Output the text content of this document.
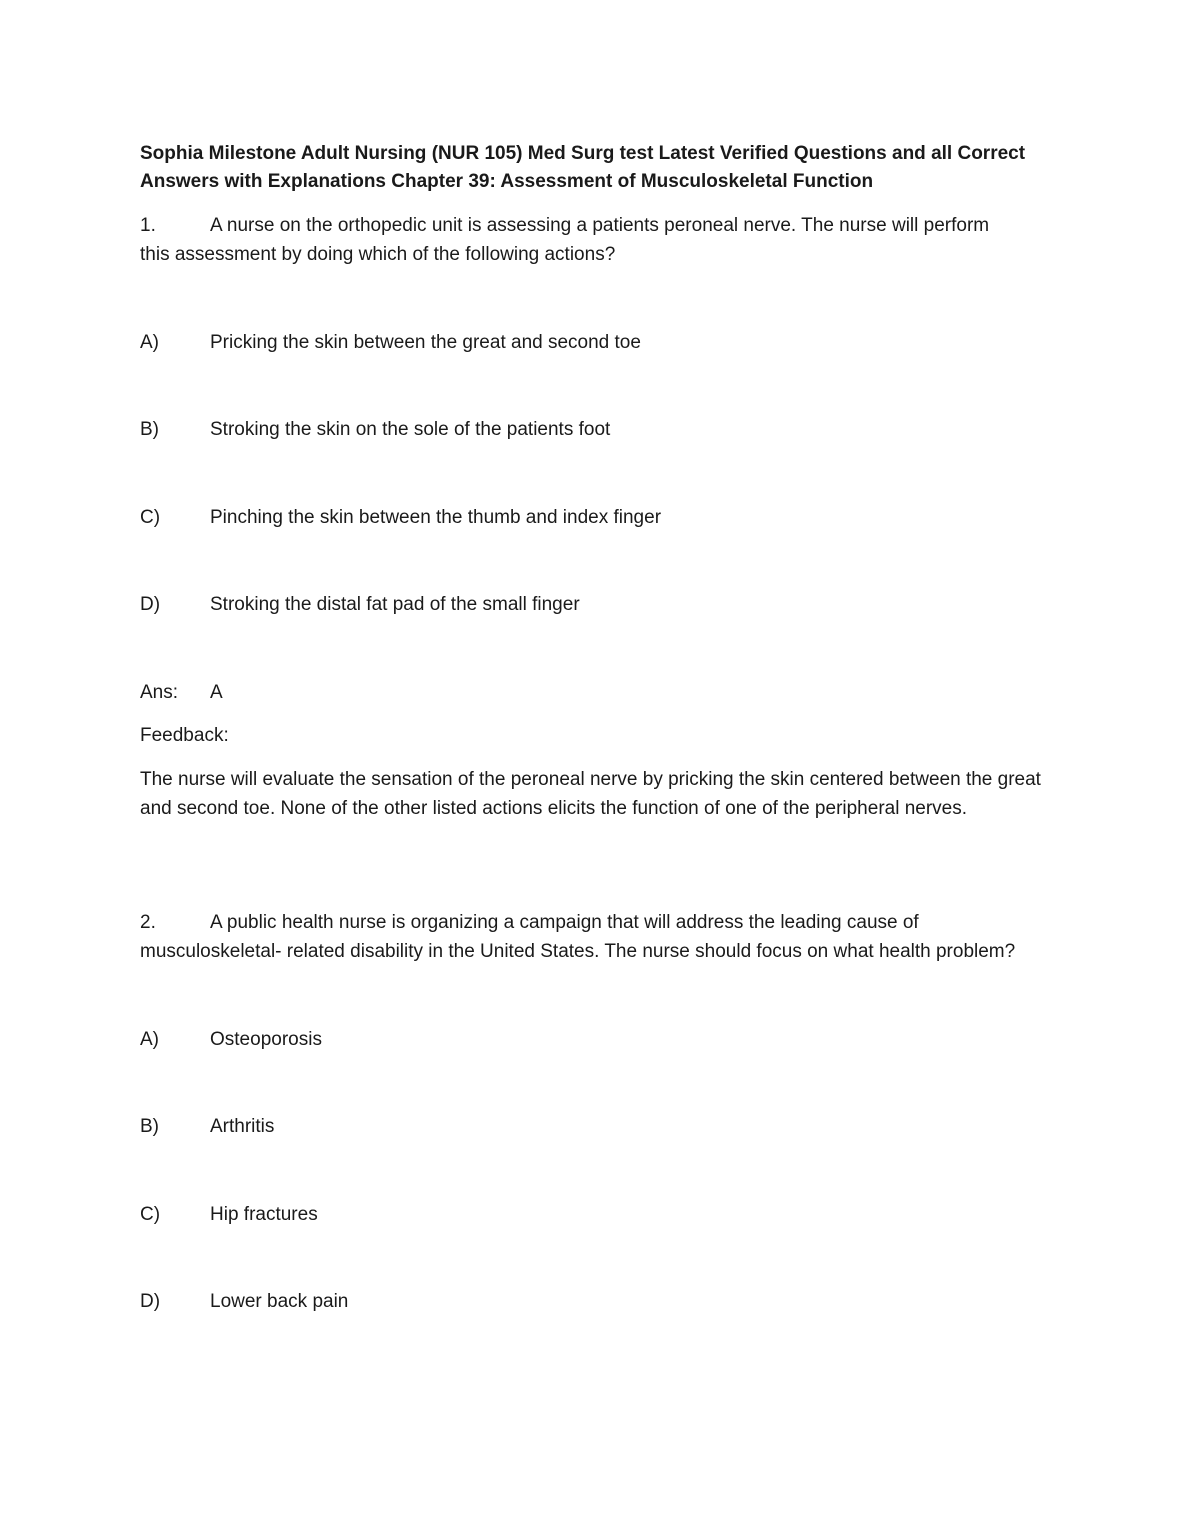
Sophia Milestone Adult Nursing (NUR 105) Med Surg test Latest Verified Questions and all Correct Answers with Explanations Chapter 39: Assessment of Musculoskeletal Function

1.	A nurse on the orthopedic unit is assessing a patients peroneal nerve. The nurse will perform
this assessment by doing which of the following actions?
A)	Pricking the skin between the great and second toe
B)	Stroking the skin on the sole of the patients foot
C)	Pinching the skin between the thumb and index finger
D)	Stroking the distal fat pad of the small finger
Ans: A
Feedback:

The nurse will evaluate the sensation of the peroneal nerve by pricking the skin centered between the great and second toe. None of the other listed actions elicits the function of one of the peripheral nerves.

2.	A public health nurse is organizing a campaign that will address the leading cause of
musculoskeletal- related disability in the United States. The nurse should focus on what health problem?
A)	Osteoporosis
B)	Arthritis
C)	Hip fractures
D)	Lower back pain
